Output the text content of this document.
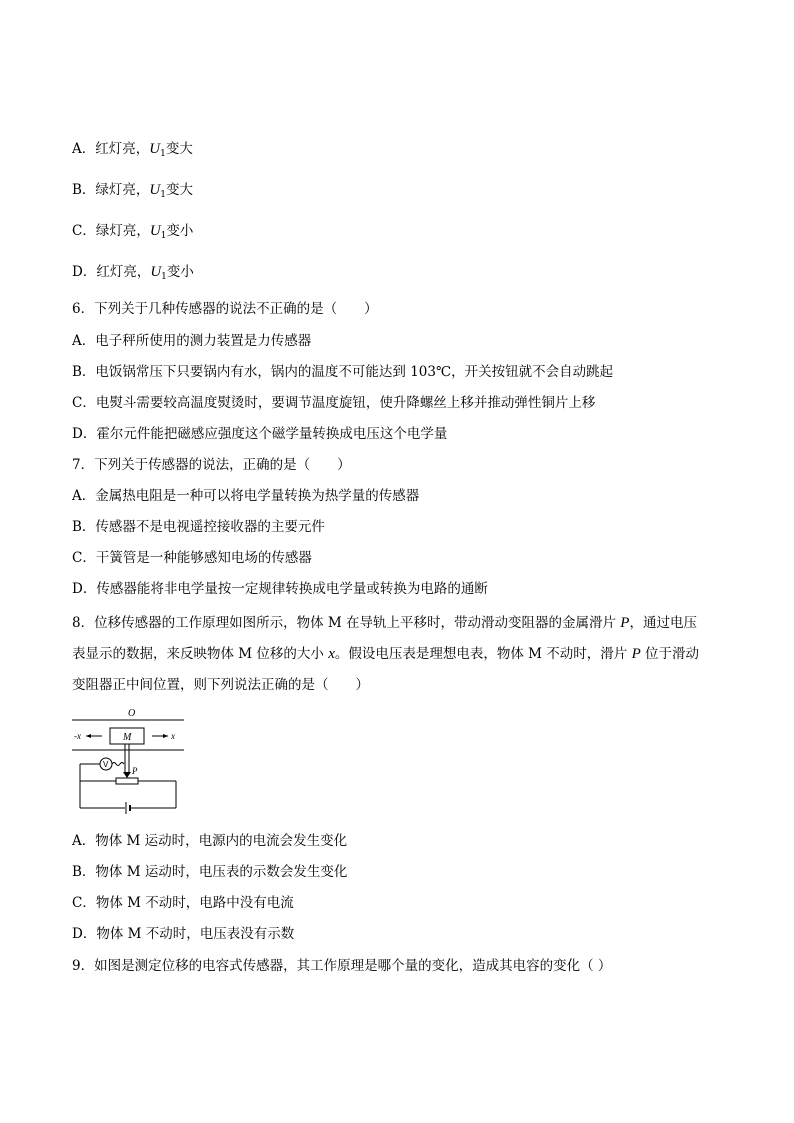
A．红灯亮，$U_1$变大
B．绿灯亮，$U_1$变大
C．绿灯亮，$U_1$变小
D．红灯亮，$U_1$变小
6．下列关于几种传感器的说法不正确的是（　　）
A．电子秤所使用的测力装置是力传感器
B．电饭锅常压下只要锅内有水，锅内的温度不可能达到 103℃，开关按钮就不会自动跳起
C．电熨斗需要较高温度熨烫时，要调节温度旋钮，使升降螺丝上移并推动弹性铜片上移
D．霍尔元件能把磁感应强度这个磁学量转换成电压这个电学量
7．下列关于传感器的说法，正确的是（　　）
A．金属热电阻是一种可以将电学量转换为热学量的传感器
B．传感器不是电视遥控接收器的主要元件
C．干簧管是一种能够感知电场的传感器
D．传感器能将非电学量按一定规律转换成电学量或转换为电路的通断
8．位移传感器的工作原理如图所示，物体 M 在导轨上平移时，带动滑动变阻器的金属滑片 P，通过电压
表显示的数据，来反映物体 M 位移的大小 x。假设电压表是理想电表，物体 M 不动时，滑片 P 位于滑动
变阻器正中间位置，则下列说法正确的是（　　）
O
-x	M	x
P
V
A．物体 M 运动时，电源内的电流会发生变化
B．物体 M 运动时，电压表的示数会发生变化
C．物体 M 不动时，电路中没有电流
D．物体 M 不动时，电压表没有示数
9．如图是测定位移的电容式传感器，其工作原理是哪个量的变化，造成其电容的变化（ ）
